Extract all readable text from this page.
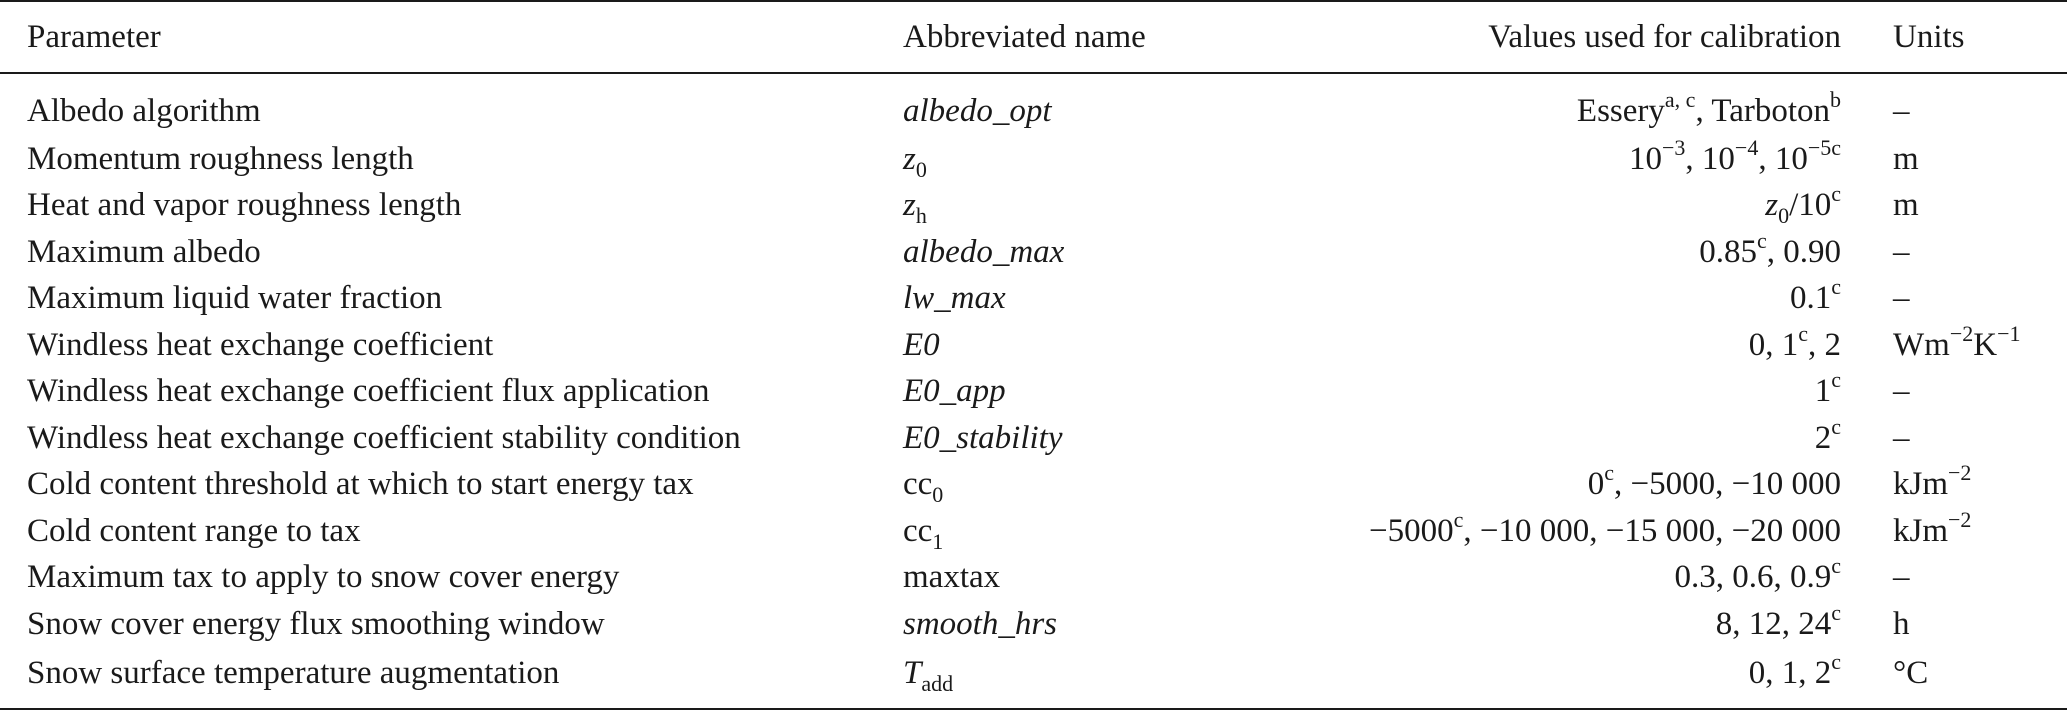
Parameter	Abbreviated name	Values used for calibration	Units
Albedo algorithm	albedo_opt	Essery$^{a, c}$, Tarboton$^b$	–
Momentum roughness length	$z_0$	$10^{-3}$, $10^{-4}$, $10^{-5c}$	m
Heat and vapor roughness length	$z_h$	$z_0/10^c$	m
Maximum albedo	albedo_max	0.85$^c$, 0.90	–
Maximum liquid water fraction	lw_max	0.1$^c$	–
Windless heat exchange coefficient	E0	0, 1$^c$, 2	$Wm^{-2}K^{-1}$
Windless heat exchange coefficient flux application	E0_app	1$^c$	–
Windless heat exchange coefficient stability condition	E0_stability	2$^c$	–
Cold content threshold at which to start energy tax	$cc_0$	$0^c$, −5000, −10 000	kJm$^{-2}$
Cold content range to tax	$cc_1$	$-5000^c$, −10 000, −15 000, −20 000	kJm$^{-2}$
Maximum tax to apply to snow cover energy	maxtax	0.3, 0.6, 0.9$^c$	–
Snow cover energy flux smoothing window	smooth_hrs	8, 12, 24$^c$	h
Snow surface temperature augmentation	$T_{add}$	0, 1, 2$^c$	°C
